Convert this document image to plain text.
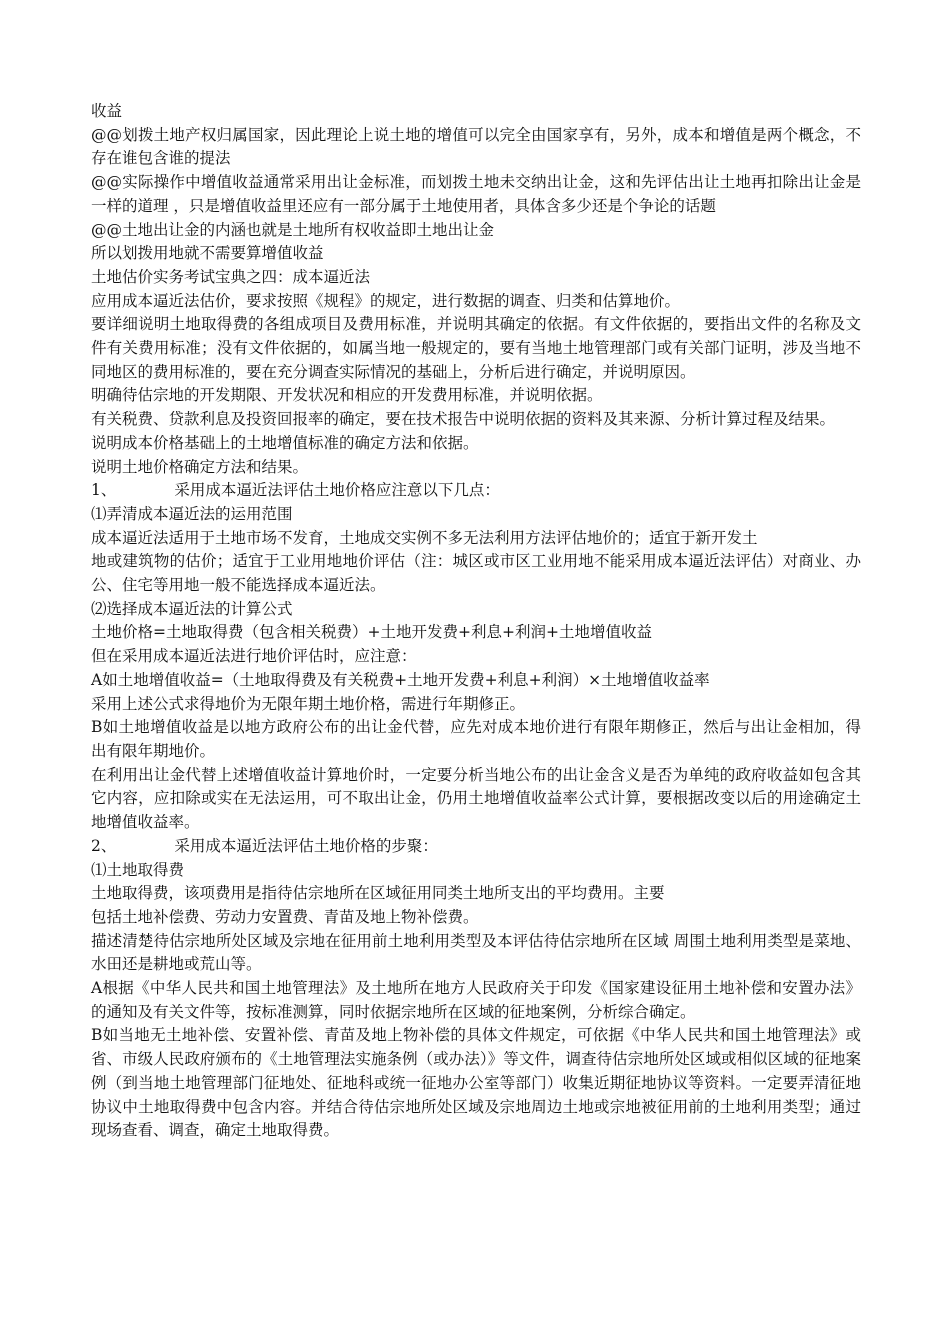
收益
@@划拨土地产权归属国家，因此理论上说土地的增值可以完全由国家享有，另外，成本和增值是两个概念，不存在谁包含谁的提法
@@实际操作中增值收益通常采用出让金标准，而划拨土地未交纳出让金，这和先评估出让土地再扣除出让金是一样的道理 ，只是增值收益里还应有一部分属于土地使用者，具体含多少还是个争论的话题
@@土地出让金的内涵也就是土地所有权收益即土地出让金
所以划拨用地就不需要算增值收益
土地估价实务考试宝典之四：成本逼近法
应用成本逼近法估价，要求按照《规程》的规定，进行数据的调查、归类和估算地价。
要详细说明土地取得费的各组成项目及费用标准，并说明其确定的依据。有文件依据的，要指出文件的名称及文件有关费用标准；没有文件依据的，如属当地一般规定的，要有当地土地管理部门或有关部门证明，涉及当地不同地区的费用标准的，要在充分调查实际情况的基础上，分析后进行确定，并说明原因。
明确待估宗地的开发期限、开发状况和相应的开发费用标准，并说明依据。
有关税费、贷款利息及投资回报率的确定，要在技术报告中说明依据的资料及其来源、分析计算过程及结果。
说明成本价格基础上的土地增值标准的确定方法和依据。
说明土地价格确定方法和结果。
1、	采用成本逼近法评估土地价格应注意以下几点：
⑴弄清成本逼近法的运用范围
成本逼近法适用于土地市场不发育，土地成交实例不多无法利用方法评估地价的；适宜于新开发土
地或建筑物的估价；适宜于工业用地地价评估（注：城区或市区工业用地不能采用成本逼近法评估）对商业、办公、住宅等用地一般不能选择成本逼近法。
⑵选择成本逼近法的计算公式
土地价格=土地取得费（包含相关税费）+土地开发费+利息+利润+土地增值收益
但在采用成本逼近法进行地价评估时，应注意：
A如土地增值收益=（土地取得费及有关税费+土地开发费+利息+利润）×土地增值收益率
采用上述公式求得地价为无限年期土地价格，需进行年期修正。
B如土地增值收益是以地方政府公布的出让金代替，应先对成本地价进行有限年期修正，然后与出让金相加，得出有限年期地价。
在利用出让金代替上述增值收益计算地价时，一定要分析当地公布的出让金含义是否为单纯的政府收益如包含其它内容，应扣除或实在无法运用，可不取出让金，仍用土地增值收益率公式计算，要根据改变以后的用途确定土地增值收益率。
2、	采用成本逼近法评估土地价格的步聚：
⑴土地取得费
土地取得费，该项费用是指待估宗地所在区域征用同类土地所支出的平均费用。主要
包括土地补偿费、劳动力安置费、青苗及地上物补偿费。
描述清楚待估宗地所处区域及宗地在征用前土地利用类型及本评估待估宗地所在区域 周围土地利用类型是菜地、水田还是耕地或荒山等。
A根据《中华人民共和国土地管理法》及土地所在地方人民政府关于印发《国家建设征用土地补偿和安置办法》的通知及有关文件等，按标准测算，同时依据宗地所在区域的征地案例，分析综合确定。
B如当地无土地补偿、安置补偿、青苗及地上物补偿的具体文件规定，可依据《中华人民共和国土地管理法》或省、市级人民政府颁布的《土地管理法实施条例（或办法）》等文件，调查待估宗地所处区域或相似区域的征地案例（到当地土地管理部门征地处、征地科或统一征地办公室等部门）收集近期征地协议等资料。一定要弄清征地协议中土地取得费中包含内容。并结合待估宗地所处区域及宗地周边土地或宗地被征用前的土地利用类型；通过现场查看、调查，确定土地取得费。
